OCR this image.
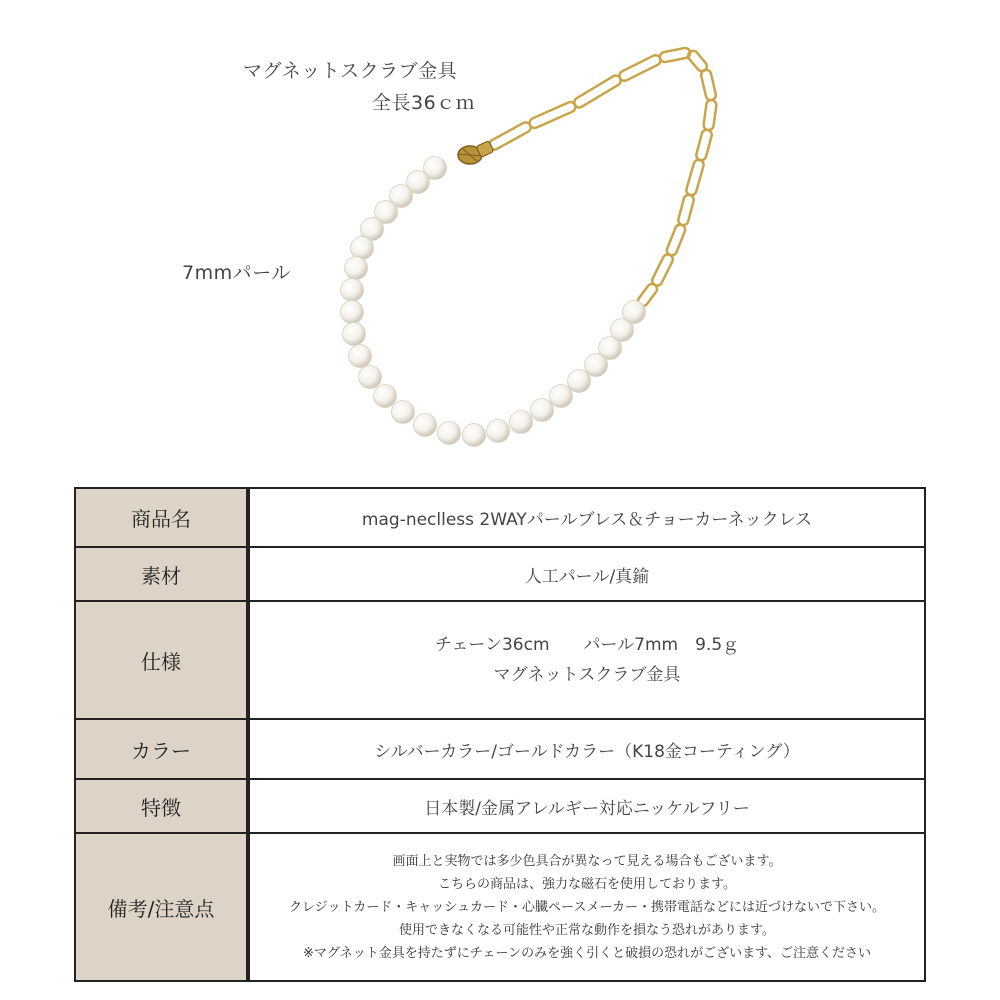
マグネットスクラブ金具
全長36ｃｍ
7mmパール
商品名	mag-neclless 2WAYパールブレス＆チョーカーネックレス
素材	人工パール/真鍮
仕様	チェーン36cm　　パール7mm　9.5ｇ
マグネットスクラブ金具

カラー	シルバーカラー/ゴールドカラー（K18金コーティング）
特徴	日本製/金属アレルギー対応ニッケルフリー
備考/注意点	画面上と実物では多少色具合が異なって見える場合もございます。
こちらの商品は、強力な磁石を使用しております。
クレジットカード・キャッシュカード・心臓ペースメーカー・携帯電話などには近づけないで下さい。
使用できなくなる可能性や正常な動作を損なう恐れがあります。
※マグネット金具を持たずにチェーンのみを強く引くと破損の恐れがございます、ご注意ください
